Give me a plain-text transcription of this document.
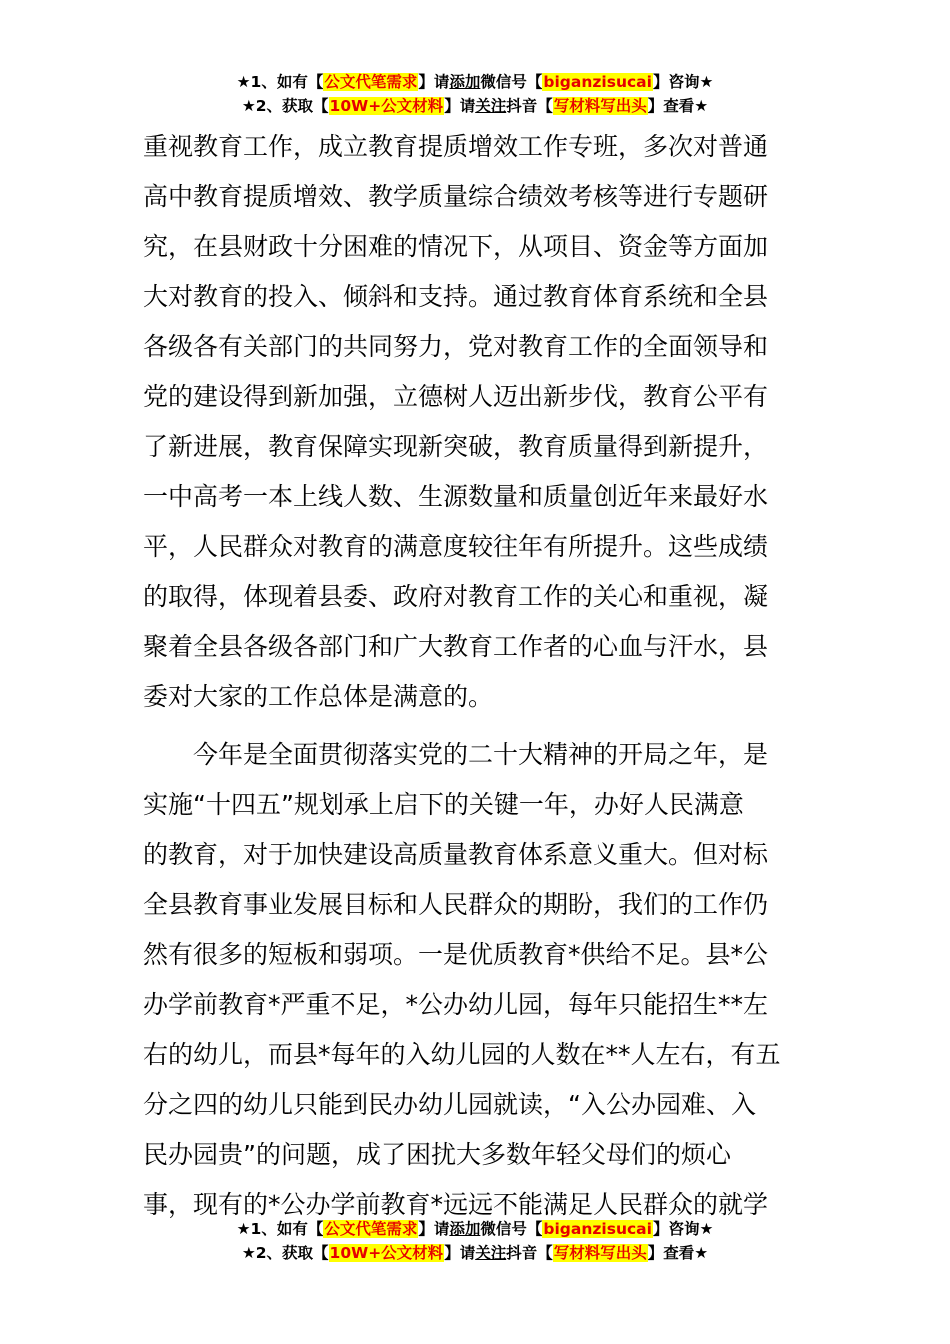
★1、如有【公文代笔需求】请添加微信号【biganzisucai】咨询★
★2、获取【10W+公文材料】请关注抖音【写材料写出头】查看★
重视教育工作，成立教育提质增效工作专班，多次对普通
高中教育提质增效、教学质量综合绩效考核等进行专题研
究，在县财政十分困难的情况下，从项目、资金等方面加
大对教育的投入、倾斜和支持。通过教育体育系统和全县
各级各有关部门的共同努力，党对教育工作的全面领导和
党的建设得到新加强，立德树人迈出新步伐，教育公平有
了新进展，教育保障实现新突破，教育质量得到新提升，
一中高考一本上线人数、生源数量和质量创近年来最好水
平，人民群众对教育的满意度较往年有所提升。这些成绩
的取得，体现着县委、政府对教育工作的关心和重视，凝
聚着全县各级各部门和广大教育工作者的心血与汗水，县
委对大家的工作总体是满意的。
　　今年是全面贯彻落实党的二十大精神的开局之年，是
实施“十四五”规划承上启下的关键一年，办好人民满意
的教育，对于加快建设高质量教育体系意义重大。但对标
全县教育事业发展目标和人民群众的期盼，我们的工作仍
然有很多的短板和弱项。一是优质教育*供给不足。县*公
办学前教育*严重不足，*公办幼儿园，每年只能招生**左
右的幼儿，而县*每年的入幼儿园的人数在**人左右，有五
分之四的幼儿只能到民办幼儿园就读，“入公办园难、入
民办园贵”的问题，成了困扰大多数年轻父母们的烦心
事，现有的*公办学前教育*远远不能满足人民群众的就学
★1、如有【公文代笔需求】请添加微信号【biganzisucai】咨询★
★2、获取【10W+公文材料】请关注抖音【写材料写出头】查看★
